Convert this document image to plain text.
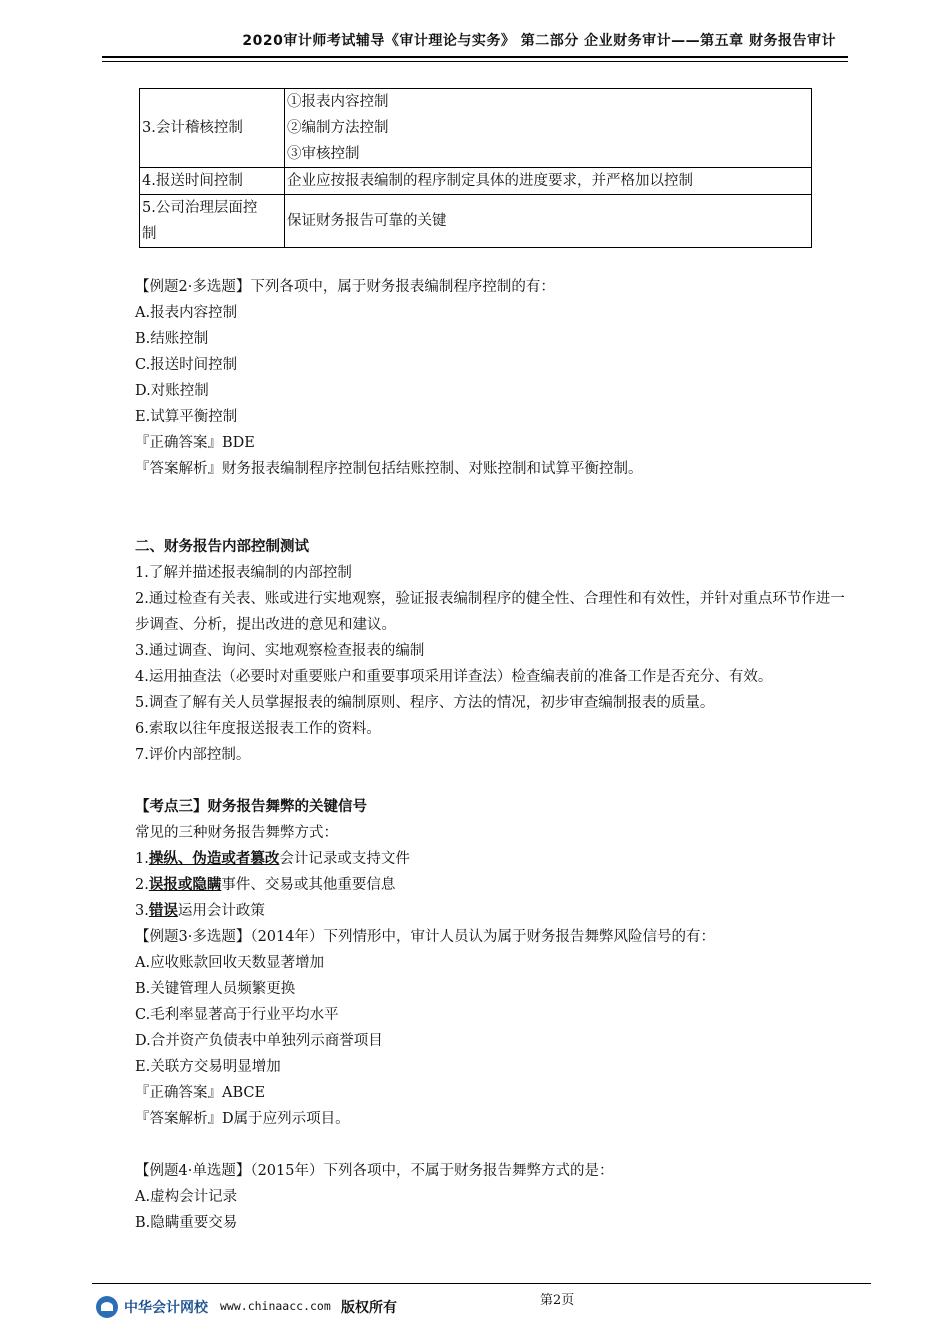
2020审计师考试辅导《审计理论与实务》 第二部分 企业财务审计——第五章 财务报告审计
3.会计稽核控制	①报表内容控制
②编制方法控制
③审核控制

4.报送时间控制	企业应按报表编制的程序制定具体的进度要求，并严格加以控制

5.公司治理层面控
制	保证财务报告可靠的关键
【例题2·多选题】下列各项中，属于财务报表编制程序控制的有：
A.报表内容控制
B.结账控制
C.报送时间控制
D.对账控制
E.试算平衡控制
『正确答案』BDE
『答案解析』财务报表编制程序控制包括结账控制、对账控制和试算平衡控制。
二、财务报告内部控制测试
1.了解并描述报表编制的内部控制
2.通过检查有关表、账或进行实地观察，验证报表编制程序的健全性、合理性和有效性，并针对重点环节作进一步调查、分析，提出改进的意见和建议。
3.通过调查、询问、实地观察检查报表的编制
4.运用抽查法（必要时对重要账户和重要事项采用详查法）检查编表前的准备工作是否充分、有效。
5.调查了解有关人员掌握报表的编制原则、程序、方法的情况，初步审查编制报表的质量。
6.索取以往年度报送报表工作的资料。
7.评价内部控制。
【考点三】财务报告舞弊的关键信号
常见的三种财务报告舞弊方式：
1.操纵、伪造或者篡改会计记录或支持文件
2.误报或隐瞒事件、交易或其他重要信息
3.错误运用会计政策
【例题3·多选题】（2014年）下列情形中，审计人员认为属于财务报告舞弊风险信号的有：
A.应收账款回收天数显著增加
B.关键管理人员频繁更换
C.毛利率显著高于行业平均水平
D.合并资产负债表中单独列示商誉项目
E.关联方交易明显增加
『正确答案』ABCE
『答案解析』D属于应列示项目。
【例题4·单选题】（2015年）下列各项中，不属于财务报告舞弊方式的是：
A.虚构会计记录
B.隐瞒重要交易
第2页
中华会计网校 www.chinaacc.com 版权所有
